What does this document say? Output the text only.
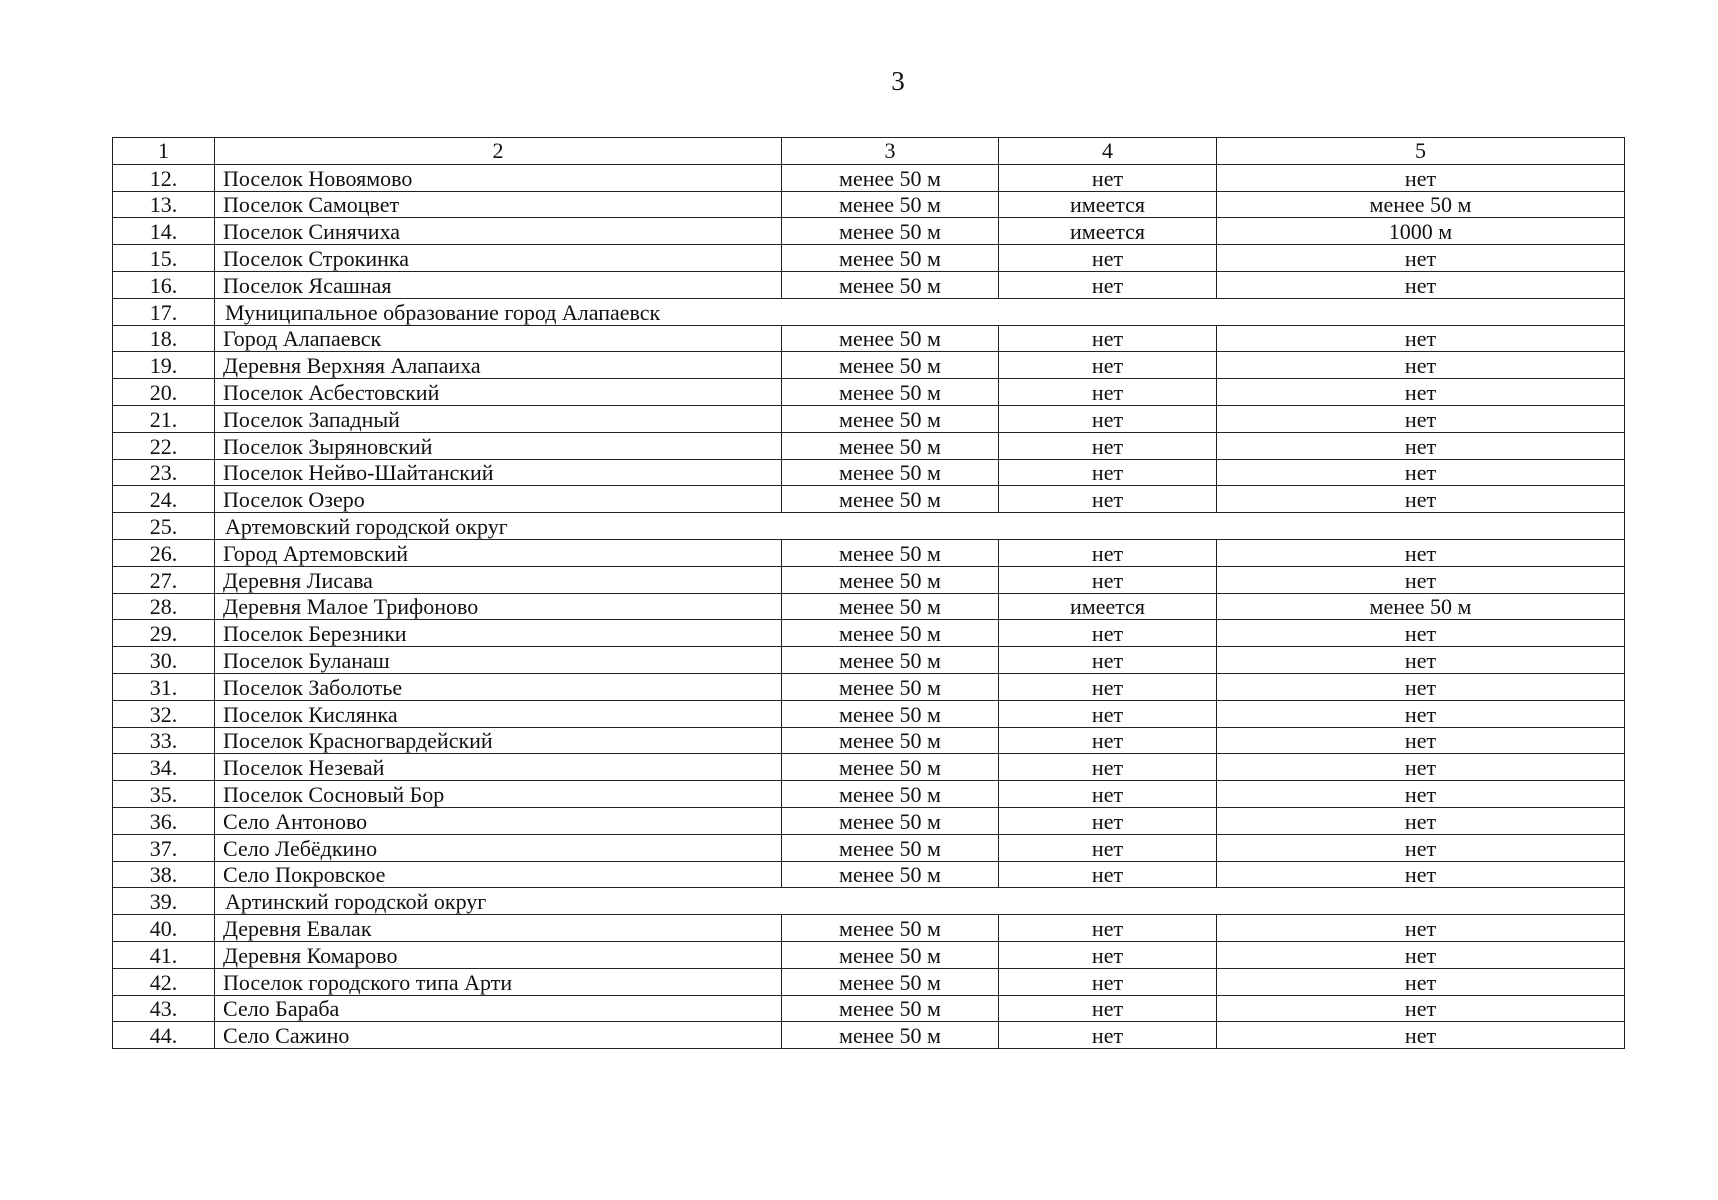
3
1	2	3	4	5
12.	Поселок Новоямово	менее 50 м	нет	нет
13.	Поселок Самоцвет	менее 50 м	имеется	менее 50 м
14.	Поселок Синячиха	менее 50 м	имеется	1000 м
15.	Поселок Строкинка	менее 50 м	нет	нет
16.	Поселок Ясашная	менее 50 м	нет	нет
17.	Муниципальное образование город Алапаевск			
18.	Город Алапаевск	менее 50 м	нет	нет
19.	Деревня Верхняя Алапаиха	менее 50 м	нет	нет
20.	Поселок Асбестовский	менее 50 м	нет	нет
21.	Поселок Западный	менее 50 м	нет	нет
22.	Поселок Зыряновский	менее 50 м	нет	нет
23.	Поселок Нейво-Шайтанский	менее 50 м	нет	нет
24.	Поселок Озеро	менее 50 м	нет	нет
25.	Артемовский городской округ			
26.	Город Артемовский	менее 50 м	нет	нет
27.	Деревня Лисава	менее 50 м	нет	нет
28.	Деревня Малое Трифоново	менее 50 м	имеется	менее 50 м
29.	Поселок Березники	менее 50 м	нет	нет
30.	Поселок Буланаш	менее 50 м	нет	нет
31.	Поселок Заболотье	менее 50 м	нет	нет
32.	Поселок Кислянка	менее 50 м	нет	нет
33.	Поселок Красногвардейский	менее 50 м	нет	нет
34.	Поселок Незевай	менее 50 м	нет	нет
35.	Поселок Сосновый Бор	менее 50 м	нет	нет
36.	Село Антоново	менее 50 м	нет	нет
37.	Село Лебёдкино	менее 50 м	нет	нет
38.	Село Покровское	менее 50 м	нет	нет
39.	Артинский городской округ			
40.	Деревня Евалак	менее 50 м	нет	нет
41.	Деревня Комарово	менее 50 м	нет	нет
42.	Поселок городского типа Арти	менее 50 м	нет	нет
43.	Село Бараба	менее 50 м	нет	нет
44.	Село Сажино	менее 50 м	нет	нет
